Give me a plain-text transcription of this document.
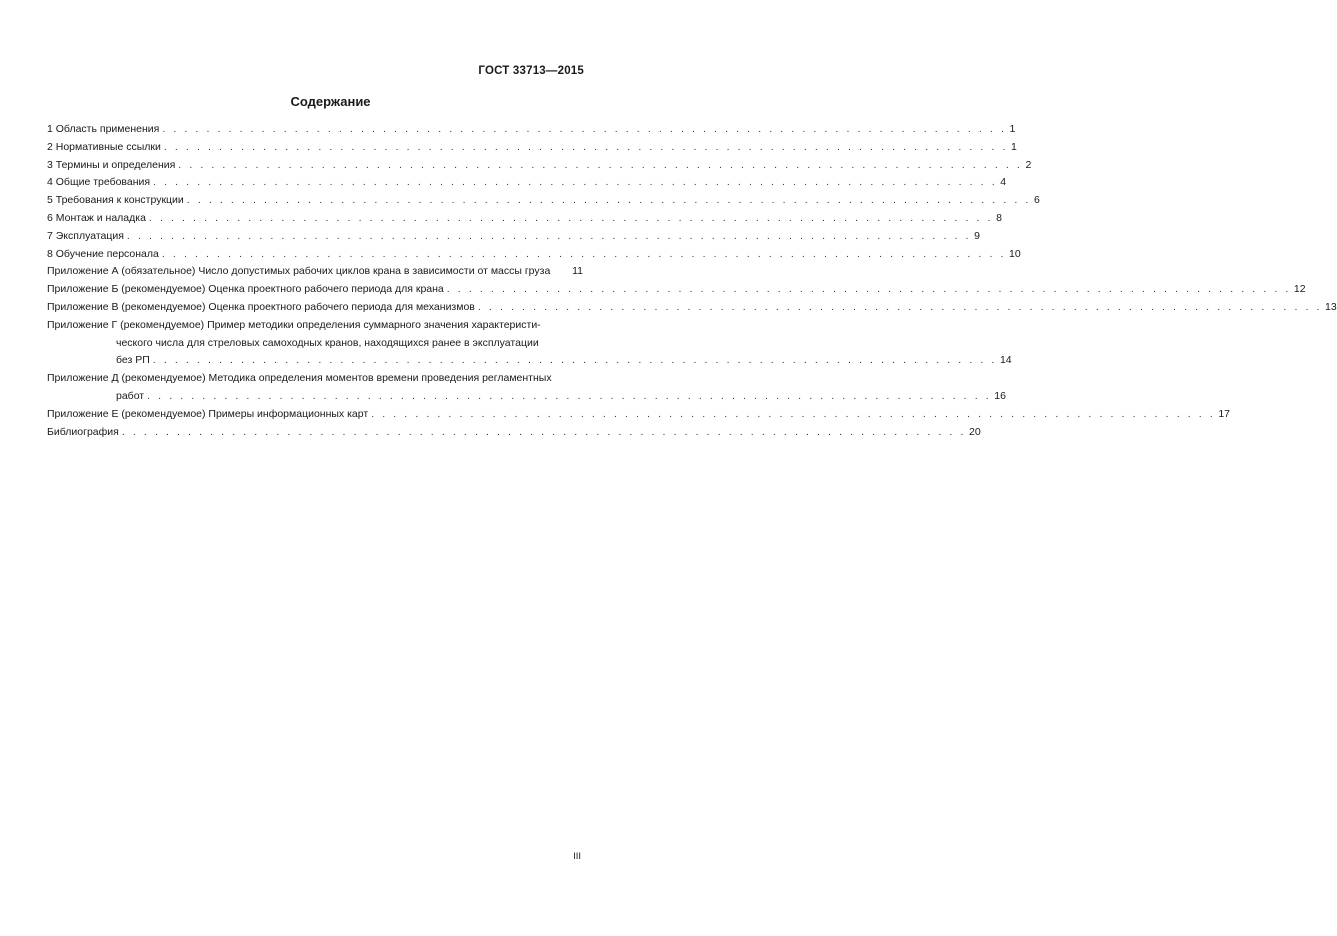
ГОСТ 33713—2015
Содержание
1 Область применения . . . . . . . . . . . . . . . . . . . . . . . . . . . . . . . . . . . . . . . . . . . . . . . . . . . . . . . . . . . . . . . . . . . . . . . . . . . . . 1
2 Нормативные ссылки . . . . . . . . . . . . . . . . . . . . . . . . . . . . . . . . . . . . . . . . . . . . . . . . . . . . . . . . . . . . . . . . . . . . . . . . . . . . . 1
3 Термины и определения . . . . . . . . . . . . . . . . . . . . . . . . . . . . . . . . . . . . . . . . . . . . . . . . . . . . . . . . . . . . . . . . . . . . . . . . . . . . . 2
4 Общие требования . . . . . . . . . . . . . . . . . . . . . . . . . . . . . . . . . . . . . . . . . . . . . . . . . . . . . . . . . . . . . . . . . . . . . . . . . . . . . 4
5 Требования к конструкции . . . . . . . . . . . . . . . . . . . . . . . . . . . . . . . . . . . . . . . . . . . . . . . . . . . . . . . . . . . . . . . . . . . . . . . . . . . . . 6
6 Монтаж и наладка . . . . . . . . . . . . . . . . . . . . . . . . . . . . . . . . . . . . . . . . . . . . . . . . . . . . . . . . . . . . . . . . . . . . . . . . . . . . . 8
7 Эксплуатация . . . . . . . . . . . . . . . . . . . . . . . . . . . . . . . . . . . . . . . . . . . . . . . . . . . . . . . . . . . . . . . . . . . . . . . . . . . . . 9
8 Обучение персонала . . . . . . . . . . . . . . . . . . . . . . . . . . . . . . . . . . . . . . . . . . . . . . . . . . . . . . . . . . . . . . . . . . . . . . . . . . . . . 10
Приложение А (обязательное) Число допустимых рабочих циклов крана в зависимости от массы груза 11
Приложение Б (рекомендуемое) Оценка проектного рабочего периода для крана . . . . . . . . . . . . . . . . . . . . . . . . . . . . . . . . . . . . . . . . . . . . . . . . . . . . . . . . . . . . . . . . . . . . . . . . . . . . . 12
Приложение В (рекомендуемое) Оценка проектного рабочего периода для механизмов . . . . . . . . . . . . . . . . . . . . . . . . . . . . . . . . . . . . . . . . . . . . . . . . . . . . . . . . . . . . . . . . . . . . . . . . . . . . . 13
Приложение Г (рекомендуемое) Пример методики определения суммарного значения характеристи-
ческого числа для стреловых самоходных кранов, находящихся ранее в эксплуатации
без РП . . . . . . . . . . . . . . . . . . . . . . . . . . . . . . . . . . . . . . . . . . . . . . . . . . . . . . . . . . . . . . . . . . . . . . . . . . . . . 14
Приложение Д (рекомендуемое) Методика определения моментов времени проведения регламентных
работ . . . . . . . . . . . . . . . . . . . . . . . . . . . . . . . . . . . . . . . . . . . . . . . . . . . . . . . . . . . . . . . . . . . . . . . . . . . . . 16
Приложение Е (рекомендуемое) Примеры информационных карт . . . . . . . . . . . . . . . . . . . . . . . . . . . . . . . . . . . . . . . . . . . . . . . . . . . . . . . . . . . . . . . . . . . . . . . . . . . . . 17
Библиография . . . . . . . . . . . . . . . . . . . . . . . . . . . . . . . . . . . . . . . . . . . . . . . . . . . . . . . . . . . . . . . . . . . . . . . . . . . . . 20
III
